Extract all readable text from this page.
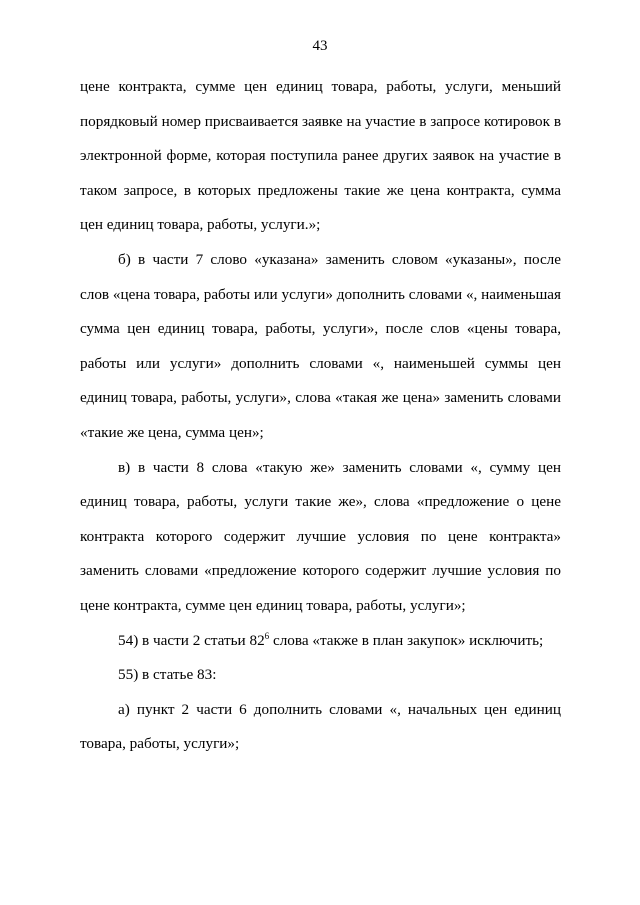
43

цене контракта, сумме цен единиц товара, работы, услуги, меньший порядковый номер присваивается заявке на участие в запросе котировок в электронной форме, которая поступила ранее других заявок на участие в таком запросе, в которых предложены такие же цена контракта, сумма цен единиц товара, работы, услуги.»;

б) в части 7 слово «указана» заменить словом «указаны», после слов «цена товара, работы или услуги» дополнить словами «, наименьшая сумма цен единиц товара, работы, услуги», после слов «цены товара, работы или услуги» дополнить словами «, наименьшей суммы цен единиц товара, работы, услуги», слова «такая же цена» заменить словами «такие же цена, сумма цен»;

в) в части 8 слова «такую же» заменить словами «, сумму цен единиц товара, работы, услуги такие же», слова «предложение о цене контракта которого содержит лучшие условия по цене контракта» заменить словами «предложение которого содержит лучшие условия по цене контракта, сумме цен единиц товара, работы, услуги»;

54) в части 2 статьи $82^6$ слова «также в план закупок» исключить;

55) в статье 83:

а) пункт 2 части 6 дополнить словами «, начальных цен единиц товара, работы, услуги»;
